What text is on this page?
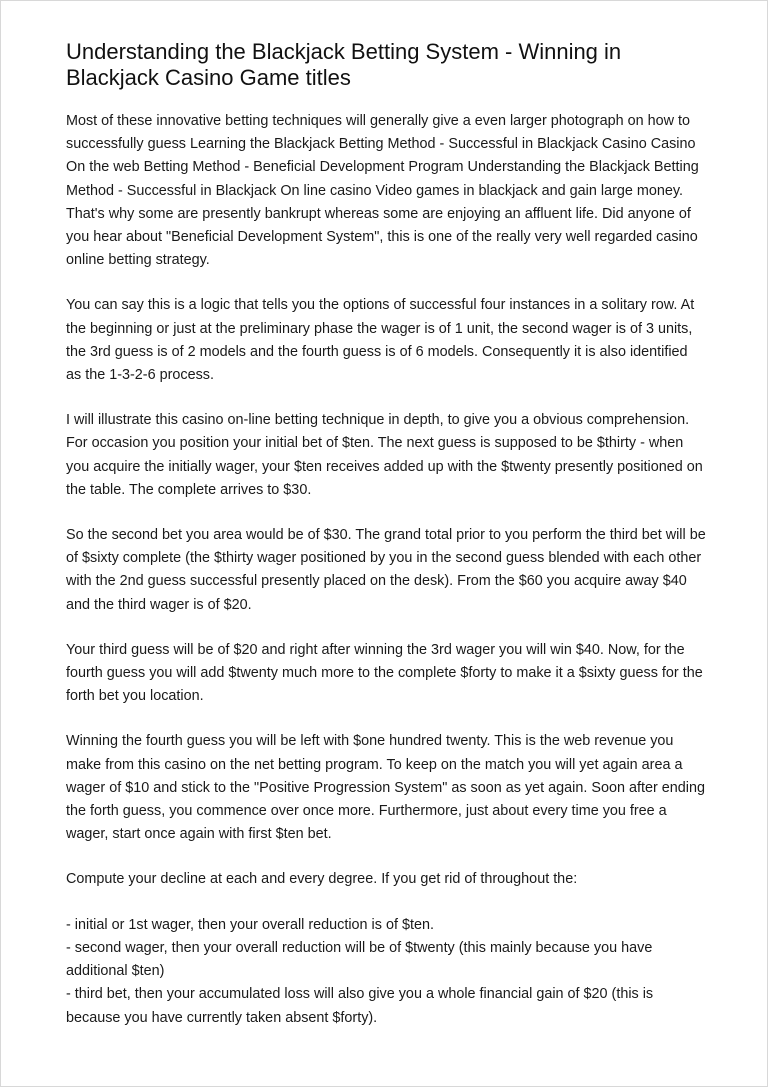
Understanding the Blackjack Betting System - Winning in Blackjack Casino Game titles

Most of these innovative betting techniques will generally give a even larger photograph on how to successfully guess Learning the Blackjack Betting Method - Successful in Blackjack Casino Casino On the web Betting Method - Beneficial Development Program Understanding the Blackjack Betting Method - Successful in Blackjack On line casino Video games in blackjack and gain large money. That's why some are presently bankrupt whereas some are enjoying an affluent life. Did anyone of you hear about "Beneficial Development System", this is one of the really very well regarded casino online betting strategy.

You can say this is a logic that tells you the options of successful four instances in a solitary row. At the beginning or just at the preliminary phase the wager is of 1 unit, the second wager is of 3 units, the 3rd guess is of 2 models and the fourth guess is of 6 models. Consequently it is also identified as the 1-3-2-6 process.

I will illustrate this casino on-line betting technique in depth, to give you a obvious comprehension. For occasion you position your initial bet of $ten. The next guess is supposed to be $thirty - when you acquire the initially wager, your $ten receives added up with the $twenty presently positioned on the table. The complete arrives to $30.

So the second bet you area would be of $30. The grand total prior to you perform the third bet will be of $sixty complete (the $thirty wager positioned by you in the second guess blended with each other with the 2nd guess successful presently placed on the desk). From the $60 you acquire away $40 and the third wager is of $20.

Your third guess will be of $20 and right after winning the 3rd wager you will win $40. Now, for the fourth guess you will add $twenty much more to the complete $forty to make it a $sixty guess for the forth bet you location.

Winning the fourth guess you will be left with $one hundred twenty. This is the web revenue you make from this casino on the net betting program. To keep on the match you will yet again area a wager of $10 and stick to the "Positive Progression System" as soon as yet again. Soon after ending the forth guess, you commence over once more. Furthermore, just about every time you free a wager, start once again with first $ten bet.

Compute your decline at each and every degree. If you get rid of throughout the:

- initial or 1st wager, then your overall reduction is of $ten.
- second wager, then your overall reduction will be of $twenty (this mainly because you have additional $ten)
- third bet, then your accumulated loss will also give you a whole financial gain of $20 (this is because you have currently taken absent $forty).
